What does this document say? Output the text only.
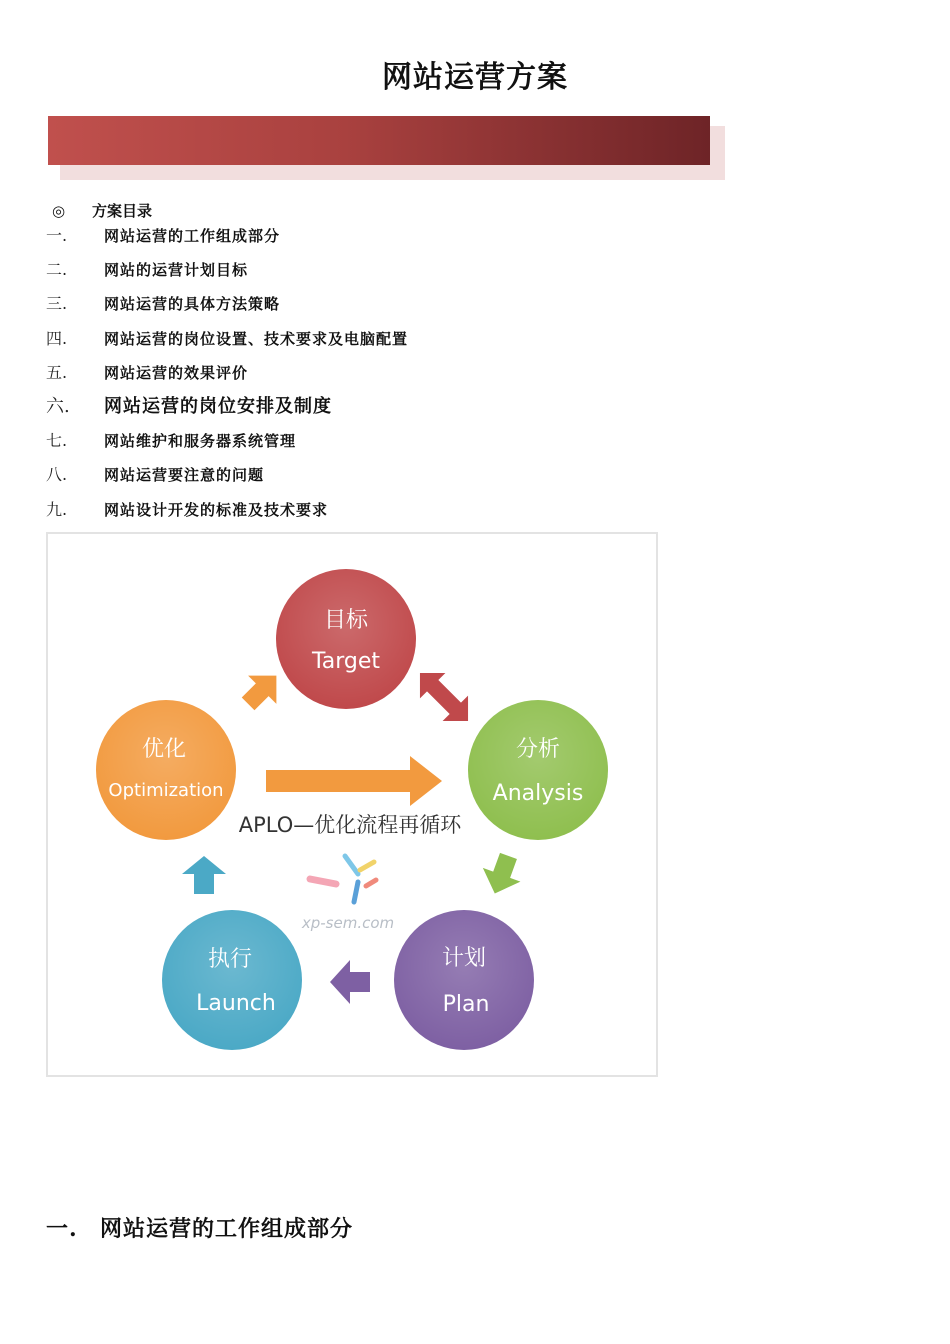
网站运营方案
◎ 方案目录
一. 网站运营的工作组成部分
二. 网站的运营计划目标
三. 网站运营的具体方法策略
四. 网站运营的岗位设置、技术要求及电脑配置
五. 网站运营的效果评价
六. 网站运营的岗位安排及制度
七. 网站维护和服务器系统管理
八. 网站运营要注意的问题
九. 网站设计开发的标准及技术要求
目标
Target
分析
Analysis
计划
Plan
执行
Launch
优化
Optimization
APLO—优化流程再循环
xp-sem.com
一. 网站运营的工作组成部分
